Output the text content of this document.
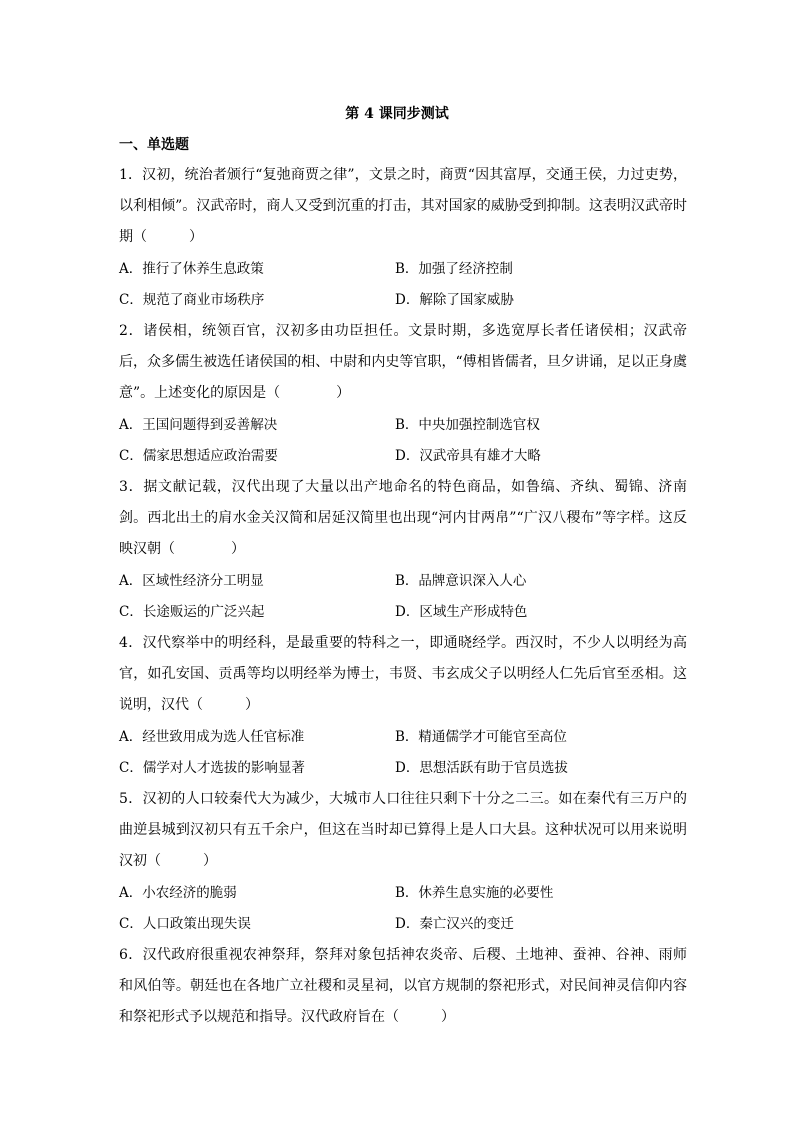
第 4 课同步测试
一、单选题
1．汉初，统治者颁行“复弛商贾之律”，文景之时，商贾“因其富厚，交通王侯，力过吏势，以利相倾”。汉武帝时，商人又受到沉重的打击，其对国家的威胁受到抑制。这表明汉武帝时期（　　　）
A．推行了休养生息政策	B．加强了经济控制
C．规范了商业市场秩序	D．解除了国家威胁
2．诸侯相，统领百官，汉初多由功臣担任。文景时期，多选宽厚长者任诸侯相；汉武帝后，众多儒生被选任诸侯国的相、中尉和内史等官职，“傅相皆儒者，旦夕讲诵，足以正身虞意”。上述变化的原因是（　　　　）
A．王国问题得到妥善解决	B．中央加强控制选官权
C．儒家思想适应政治需要	D．汉武帝具有雄才大略
3．据文献记载，汉代出现了大量以出产地命名的特色商品，如鲁缟、齐纨、蜀锦、济南剑。西北出土的肩水金关汉简和居延汉简里也出现“河内甘两帛”“广汉八稷布”等字样。这反映汉朝（　　　　）
A．区域性经济分工明显	B．品牌意识深入人心
C．长途贩运的广泛兴起	D．区域生产形成特色
4．汉代察举中的明经科，是最重要的特科之一，即通晓经学。西汉时，不少人以明经为高官，如孔安国、贡禹等均以明经举为博士，韦贤、韦玄成父子以明经人仁先后官至丞相。这说明，汉代（　　　）
A．经世致用成为选人任官标准	B．精通儒学才可能官至高位
C．儒学对人才选拔的影响显著	D．思想活跃有助于官员选拔
5．汉初的人口较秦代大为减少，大城市人口往往只剩下十分之二三。如在秦代有三万户的曲逆县城到汉初只有五千余户，但这在当时却已算得上是人口大县。这种状况可以用来说明汉初（　　　）
A．小农经济的脆弱	B．休养生息实施的必要性
C．人口政策出现失误	D．秦亡汉兴的变迁
6．汉代政府很重视农神祭拜，祭拜对象包括神农炎帝、后稷、土地神、蚕神、谷神、雨师和风伯等。朝廷也在各地广立社稷和灵星祠，以官方规制的祭祀形式，对民间神灵信仰内容和祭祀形式予以规范和指导。汉代政府旨在（　　　）
